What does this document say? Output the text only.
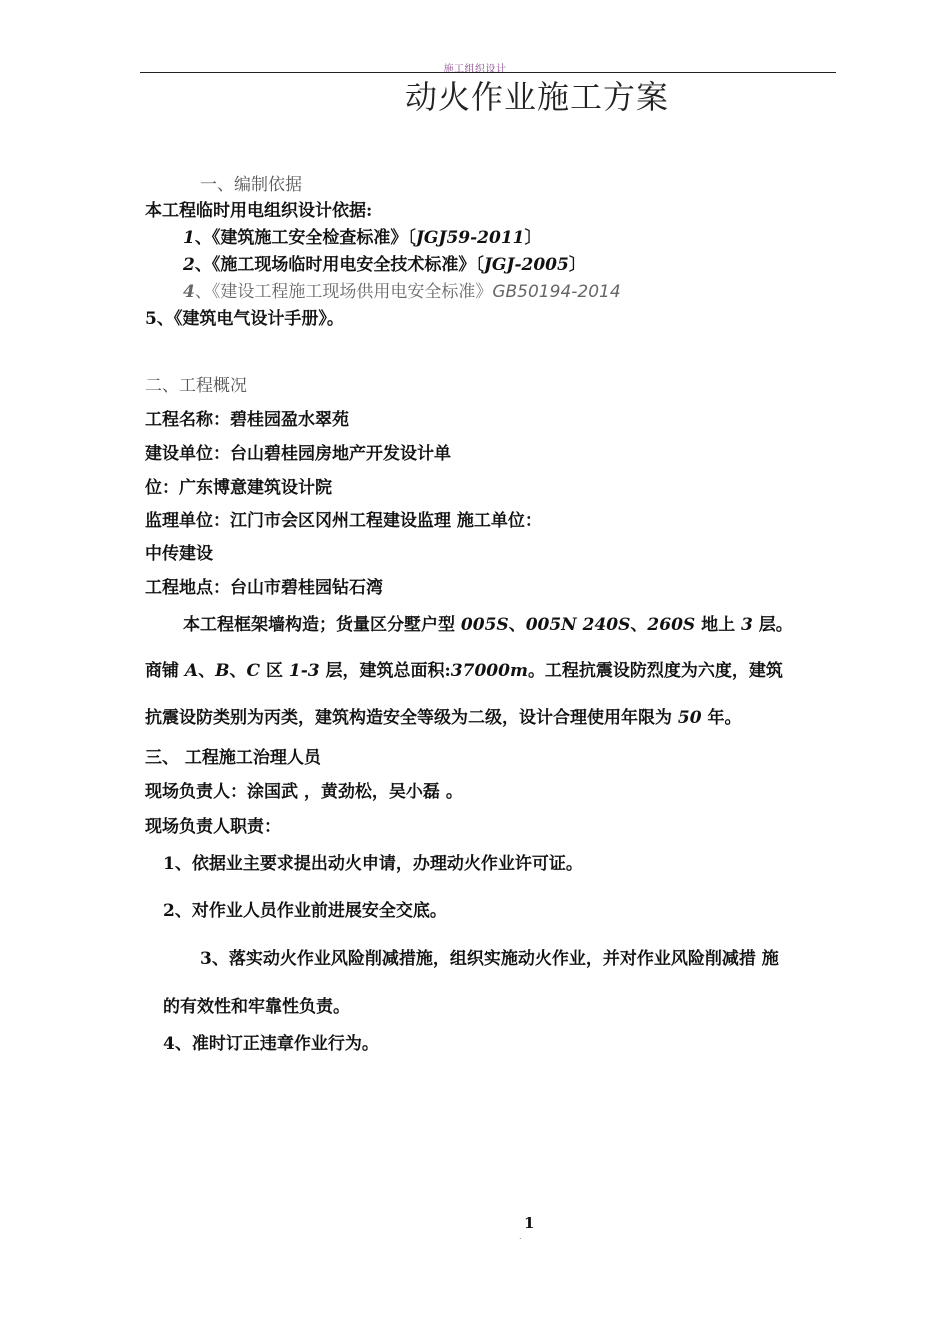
施工组织设计
动火作业施工方案
一、编制依据
本工程临时用电组织设计依据:
1、《建筑施工安全检查标准》〔JGJ59-2011〕
2、《施工现场临时用电安全技术标准》〔JGJ-2005〕
4、《建设工程施工现场供用电安全标准》GB50194-2014
5、《建筑电气设计手册》。
二、工程概况
工程名称：碧桂园盈水翠苑
建设单位：台山碧桂园房地产开发设计单
位：广东博意建筑设计院
监理单位：江门市会区冈州工程建设监理 施工单位：
中传建设
工程地点：台山市碧桂园钻石湾
本工程框架墙构造；货量区分墅户型 005S、005N 240S、260S 地上 3 层。
商铺 A、B、C 区 1-3 层，建筑总面积:37000m。工程抗震设防烈度为六度，建筑
抗震设防类别为丙类，建筑构造安全等级为二级，设计合理使用年限为 50 年。
三、 工程施工治理人员
现场负责人：涂国武 ，黄劲松，吴小磊 。
现场负责人职责：
1、依据业主要求提出动火申请，办理动火作业许可证。
2、对作业人员作业前进展安全交底。
3、落实动火作业风险削减措施，组织实施动火作业，并对作业风险削减措 施
的有效性和牢靠性负责。
4、准时订正违章作业行为。
1
.
